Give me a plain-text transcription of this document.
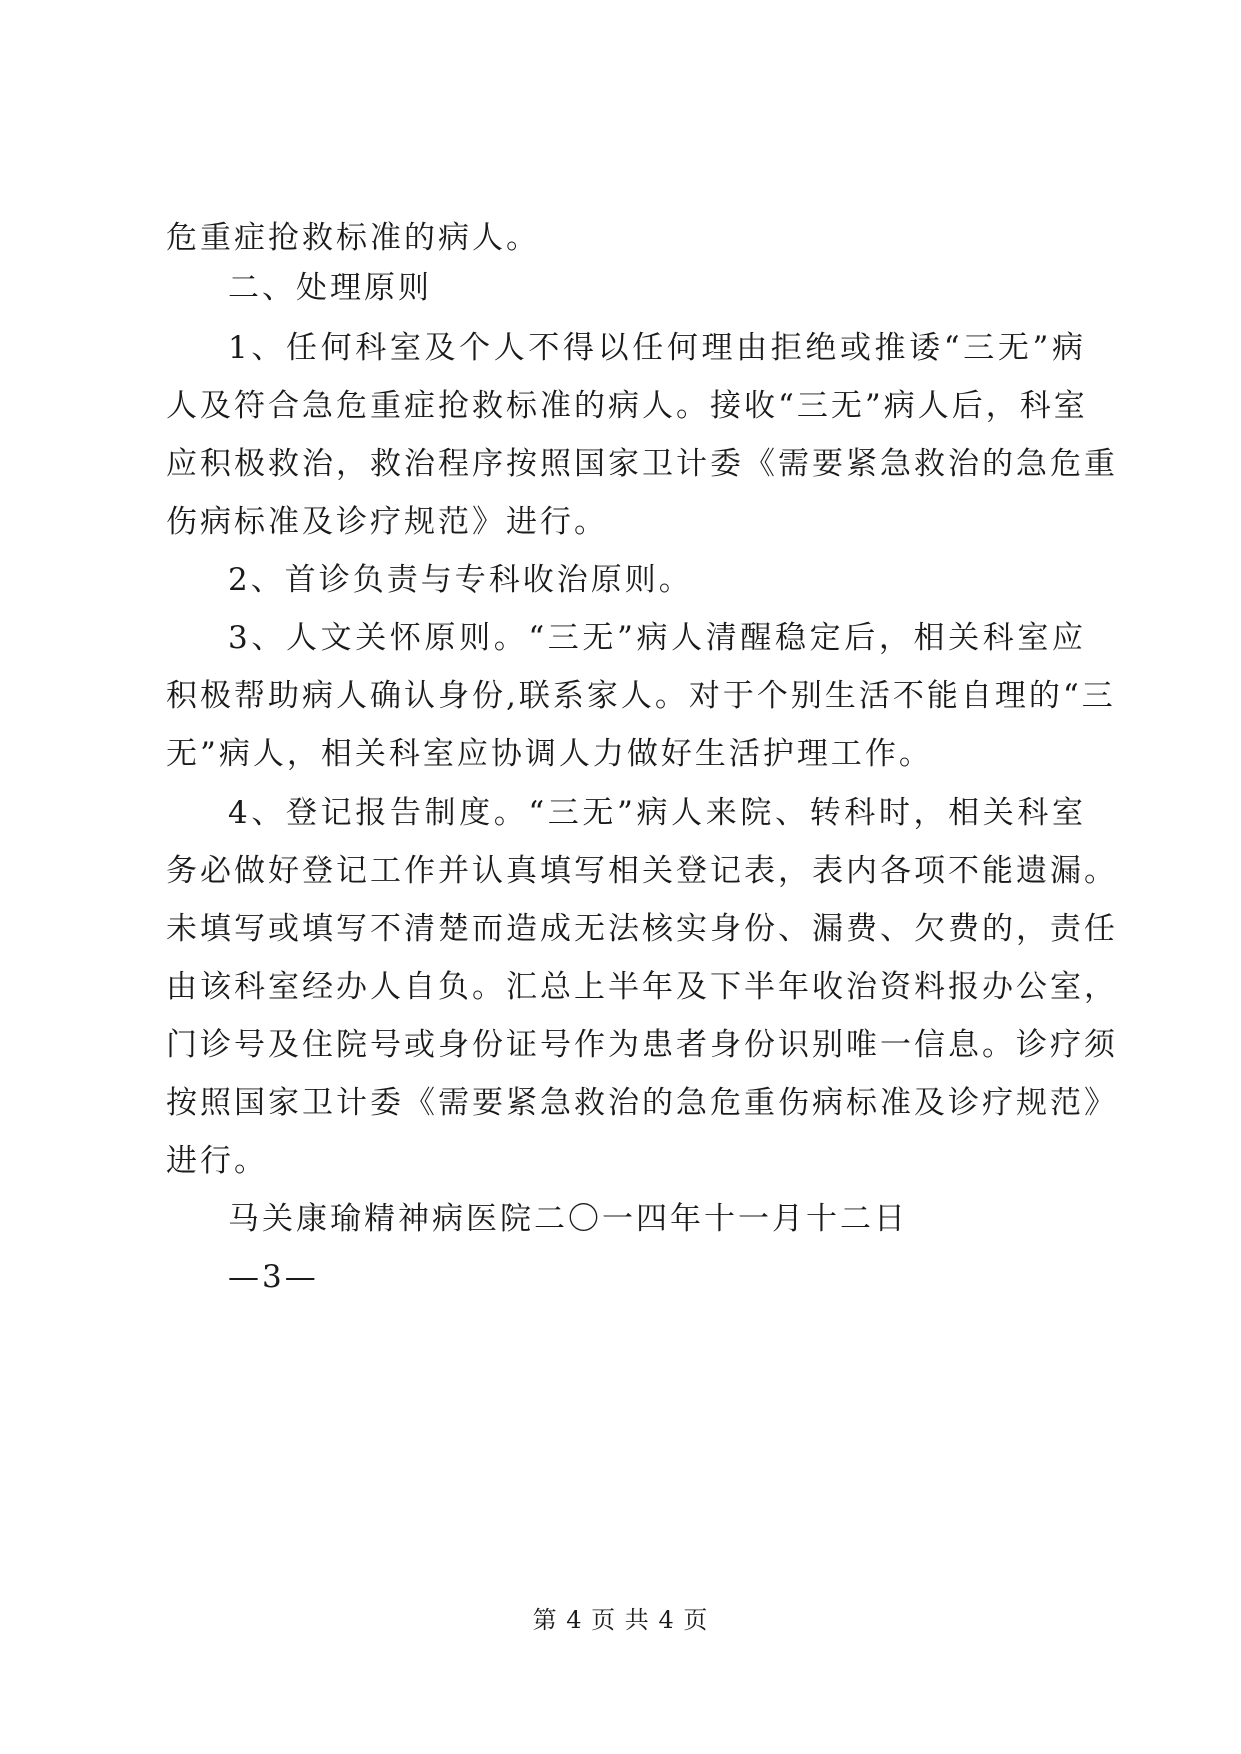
危重症抢救标准的病人。
二、处理原则
1、任何科室及个人不得以任何理由拒绝或推诿“三无”病
人及符合急危重症抢救标准的病人。接收“三无”病人后，科室
应积极救治，救治程序按照国家卫计委《需要紧急救治的急危重
伤病标准及诊疗规范》进行。
2、首诊负责与专科收治原则。
3、人文关怀原则。“三无”病人清醒稳定后，相关科室应
积极帮助病人确认身份,联系家人。对于个别生活不能自理的“三
无”病人，相关科室应协调人力做好生活护理工作。
4、登记报告制度。“三无”病人来院、转科时，相关科室
务必做好登记工作并认真填写相关登记表，表内各项不能遗漏。
未填写或填写不清楚而造成无法核实身份、漏费、欠费的，责任
由该科室经办人自负。汇总上半年及下半年收治资料报办公室，
门诊号及住院号或身份证号作为患者身份识别唯一信息。诊疗须
按照国家卫计委《需要紧急救治的急危重伤病标准及诊疗规范》
进行。
马关康瑜精神病医院二〇一四年十一月十二日
—3—
第 4 页 共 4 页
